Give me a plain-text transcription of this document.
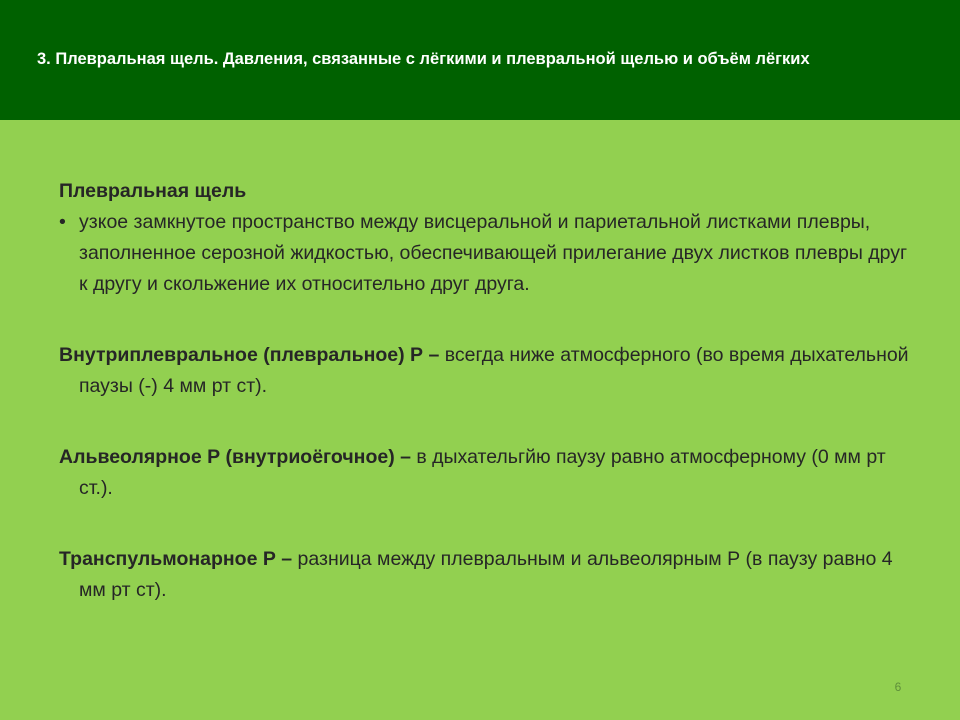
3. Плевральная щель. Давления, связанные с лёгкими и плевральной щелью и объём лёгких

Плевральная щель

• узкое замкнутое пространство между висцеральной и париетальной листками плевры, заполненное серозной жидкостью, обеспечивающей прилегание двух листков плевры друг к другу и скольжение их относительно друг друга.

Внутриплевральное (плевральное) Р – всегда ниже атмосферного (во время дыхательной паузы (-) 4 мм рт ст).

Альвеолярное Р (внутриоёгочное) – в дыхательгйю паузу равно атмосферному (0 мм рт ст.).

Транспульмонарное Р – разница между плевральным и альвеолярным Р (в паузу равно 4 мм рт ст).

6
